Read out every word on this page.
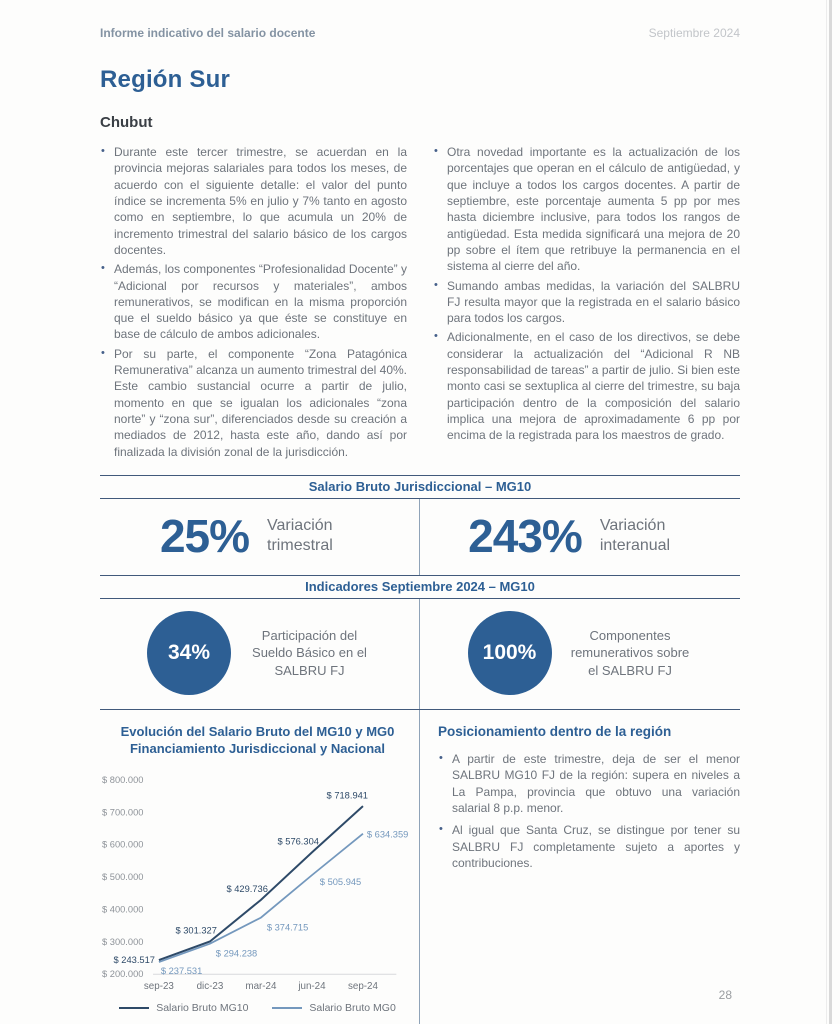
Informe indicativo del salario docente	Septiembre 2024
Región Sur
Chubut
•
Durante este tercer trimestre, se acuerdan en la provincia mejoras salariales para todos los meses, de acuerdo con el siguiente detalle: el valor del punto índice se incrementa 5% en julio y 7% tanto en agosto como en septiembre, lo que acumula un 20% de incremento trimestral del salario básico de los cargos docentes.
•
Además, los componentes “Profesionalidad Docente” y “Adicional por recursos y materiales”, ambos remunerativos, se modifican en la misma proporción que el sueldo básico ya que éste se constituye en base de cálculo de ambos adicionales.
•
Por su parte, el componente “Zona Patagónica Remunerativa” alcanza un aumento trimestral del 40%. Este cambio sustancial ocurre a partir de julio, momento en que se igualan los adicionales “zona norte” y “zona sur”, diferenciados desde su creación a mediados de 2012, hasta este año, dando así por finalizada la división zonal de la jurisdicción.
•
Otra novedad importante es la actualización de los porcentajes que operan en el cálculo de antigüedad, y que incluye a todos los cargos docentes. A partir de septiembre, este porcentaje aumenta 5 pp por mes hasta diciembre inclusive, para todos los rangos de antigüedad. Esta medida significará una mejora de 20 pp sobre el ítem que retribuye la permanencia en el sistema al cierre del año.
•
Sumando ambas medidas, la variación del SALBRU FJ resulta mayor que la registrada en el salario básico para todos los cargos.
•
Adicionalmente, en el caso de los directivos, se debe considerar la actualización del “Adicional R NB responsabilidad de tareas” a partir de julio. Si bien este monto casi se sextuplica al cierre del trimestre, su baja participación dentro de la composición del salario implica una mejora de aproximadamente 6 pp por encima de la registrada para los maestros de grado.
Salario Bruto Jurisdiccional – MG10
25% Variación trimestral	243% Variación interanual
Indicadores Septiembre 2024 – MG10
34%
Participación del Sueldo Básico en el SALBRU FJ
100%
Componentes remunerativos sobre el SALBRU FJ
Evolución del Salario Bruto del MG10 y MG0 Financiamiento Jurisdiccional y Nacional
$ 800.000
$ 700.000
$ 600.000
$ 500.000
$ 400.000
$ 300.000
$ 200.000
sep-23 dic-23 mar-24 jun-24 sep-24
$ 243.517
$ 301.327
$ 429.736
$ 576.304
$ 718.941
$ 237.531
$ 294.238
$ 374.715
$ 505.945
$ 634.359
Salario Bruto MG10	Salario Bruto MG0
Posicionamiento dentro de la región
•
A partir de este trimestre, deja de ser el menor SALBRU MG10 FJ de la región: supera en niveles a La Pampa, provincia que obtuvo una variación salarial 8 p.p. menor.
•
Al igual que Santa Cruz, se distingue por tener su SALBRU FJ completamente sujeto a aportes y contribuciones.
28
